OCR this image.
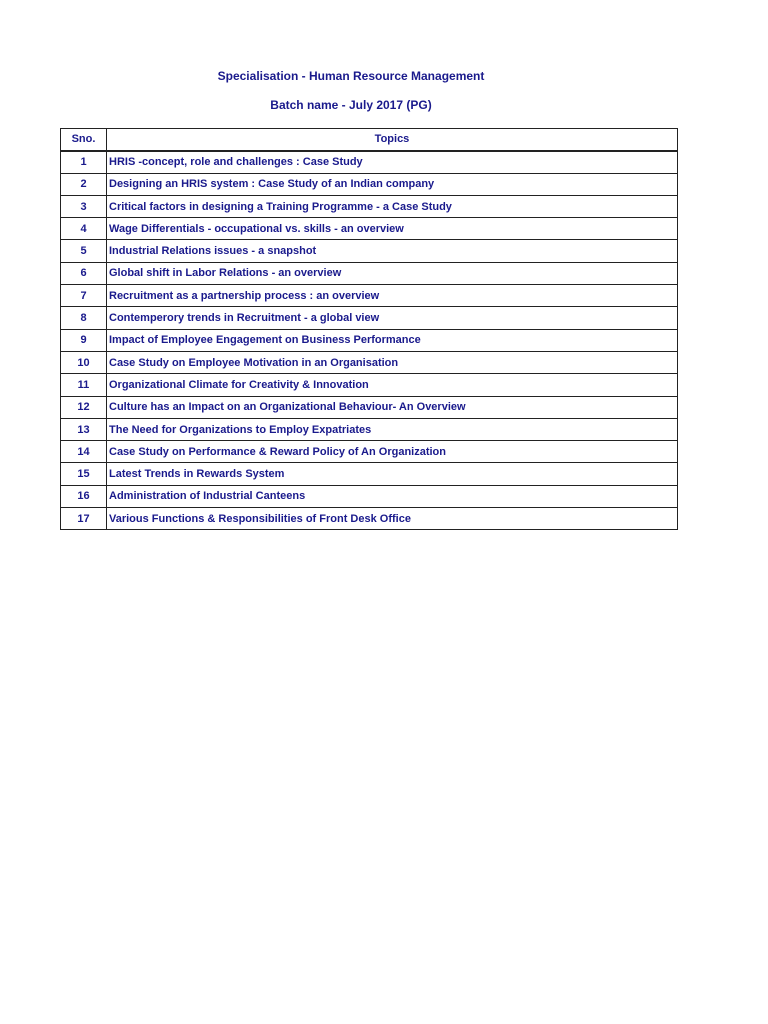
Specialisation - Human Resource Management
Batch name - July 2017 (PG)
Sno.	Topics
1	HRIS -concept, role and challenges : Case Study
2	Designing an HRIS system : Case Study of an Indian company
3	Critical factors in designing a Training Programme - a Case Study
4	Wage Differentials - occupational vs. skills - an overview
5	Industrial Relations issues - a snapshot
6	Global shift in Labor Relations - an overview
7	Recruitment as a partnership process : an overview
8	Contemperory trends in Recruitment - a global view
9	Impact of Employee Engagement on Business Performance
10	Case Study on Employee Motivation in an Organisation
11	Organizational Climate for Creativity & Innovation
12	Culture has an Impact on an Organizational Behaviour- An Overview
13	The Need for Organizations to Employ Expatriates
14	Case Study on Performance & Reward Policy of An Organization
15	Latest Trends in Rewards System
16	Administration of Industrial Canteens
17	Various Functions & Responsibilities of Front Desk Office
